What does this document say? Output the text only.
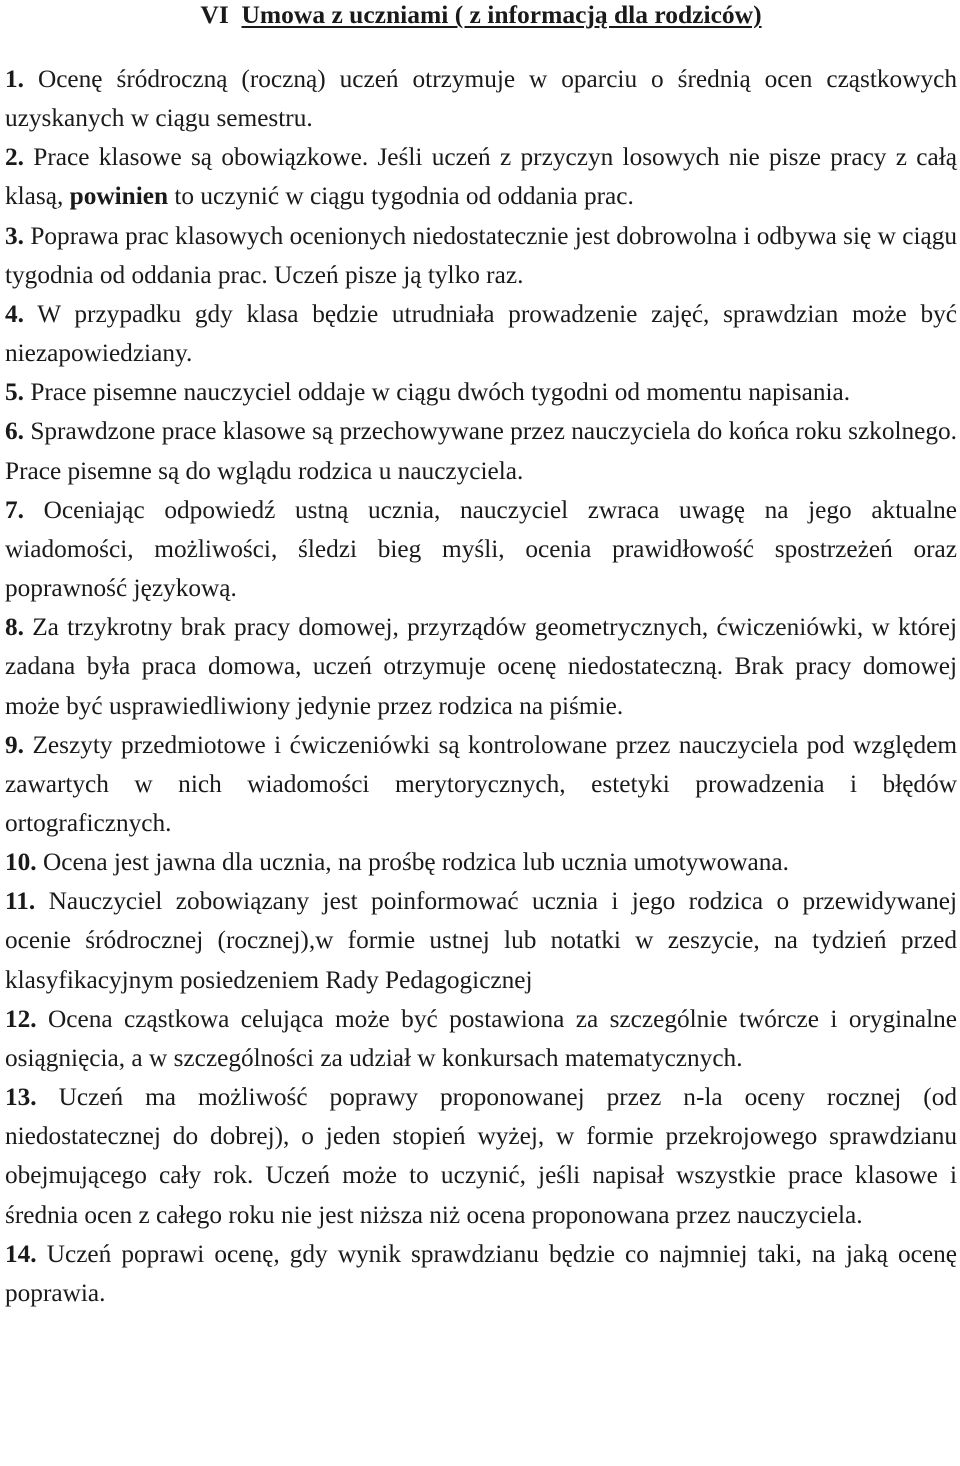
VI Umowa z uczniami ( z informacją dla rodziców)

1. Ocenę śródroczną (roczną) uczeń otrzymuje w oparciu o średnią ocen cząstkowych uzyskanych w ciągu semestru.

2. Prace klasowe są obowiązkowe. Jeśli uczeń z przyczyn losowych nie pisze pracy z całą klasą, powinien to uczynić w ciągu tygodnia od oddania prac.

3. Poprawa prac klasowych ocenionych niedostatecznie jest dobrowolna i odbywa się w ciągu tygodnia od oddania prac. Uczeń pisze ją tylko raz.

4. W przypadku gdy klasa będzie utrudniała prowadzenie zajęć, sprawdzian może być niezapowiedziany.

5. Prace pisemne nauczyciel oddaje w ciągu dwóch tygodni od momentu napisania.

6. Sprawdzone prace klasowe są przechowywane przez nauczyciela do końca roku szkolnego. Prace pisemne są do wglądu rodzica u nauczyciela.

7. Oceniając odpowiedź ustną ucznia, nauczyciel zwraca uwagę na jego aktualne wiadomości, możliwości, śledzi bieg myśli, ocenia prawidłowość spostrzeżeń oraz poprawność językową.

8. Za trzykrotny brak pracy domowej, przyrządów geometrycznych, ćwiczeniówki, w której zadana była praca domowa, uczeń otrzymuje ocenę niedostateczną. Brak pracy domowej może być usprawiedliwiony jedynie przez rodzica na piśmie.

9. Zeszyty przedmiotowe i ćwiczeniówki są kontrolowane przez nauczyciela pod względem zawartych w nich wiadomości merytorycznych, estetyki prowadzenia i błędów ortograficznych.

10. Ocena jest jawna dla ucznia, na prośbę rodzica lub ucznia umotywowana.

11. Nauczyciel zobowiązany jest poinformować ucznia i jego rodzica o przewidywanej ocenie śródrocznej (rocznej),w formie ustnej lub notatki w zeszycie, na tydzień przed klasyfikacyjnym posiedzeniem Rady Pedagogicznej

12. Ocena cząstkowa celująca może być postawiona za szczególnie twórcze i oryginalne osiągnięcia, a w szczególności za udział w konkursach matematycznych.

13. Uczeń ma możliwość poprawy proponowanej przez n-la oceny rocznej (od niedostatecznej do dobrej), o jeden stopień wyżej, w formie przekrojowego sprawdzianu obejmującego cały rok. Uczeń może to uczynić, jeśli napisał wszystkie prace klasowe i średnia ocen z całego roku nie jest niższa niż ocena proponowana przez nauczyciela.

14. Uczeń poprawi ocenę, gdy wynik sprawdzianu będzie co najmniej taki, na jaką ocenę poprawia.
